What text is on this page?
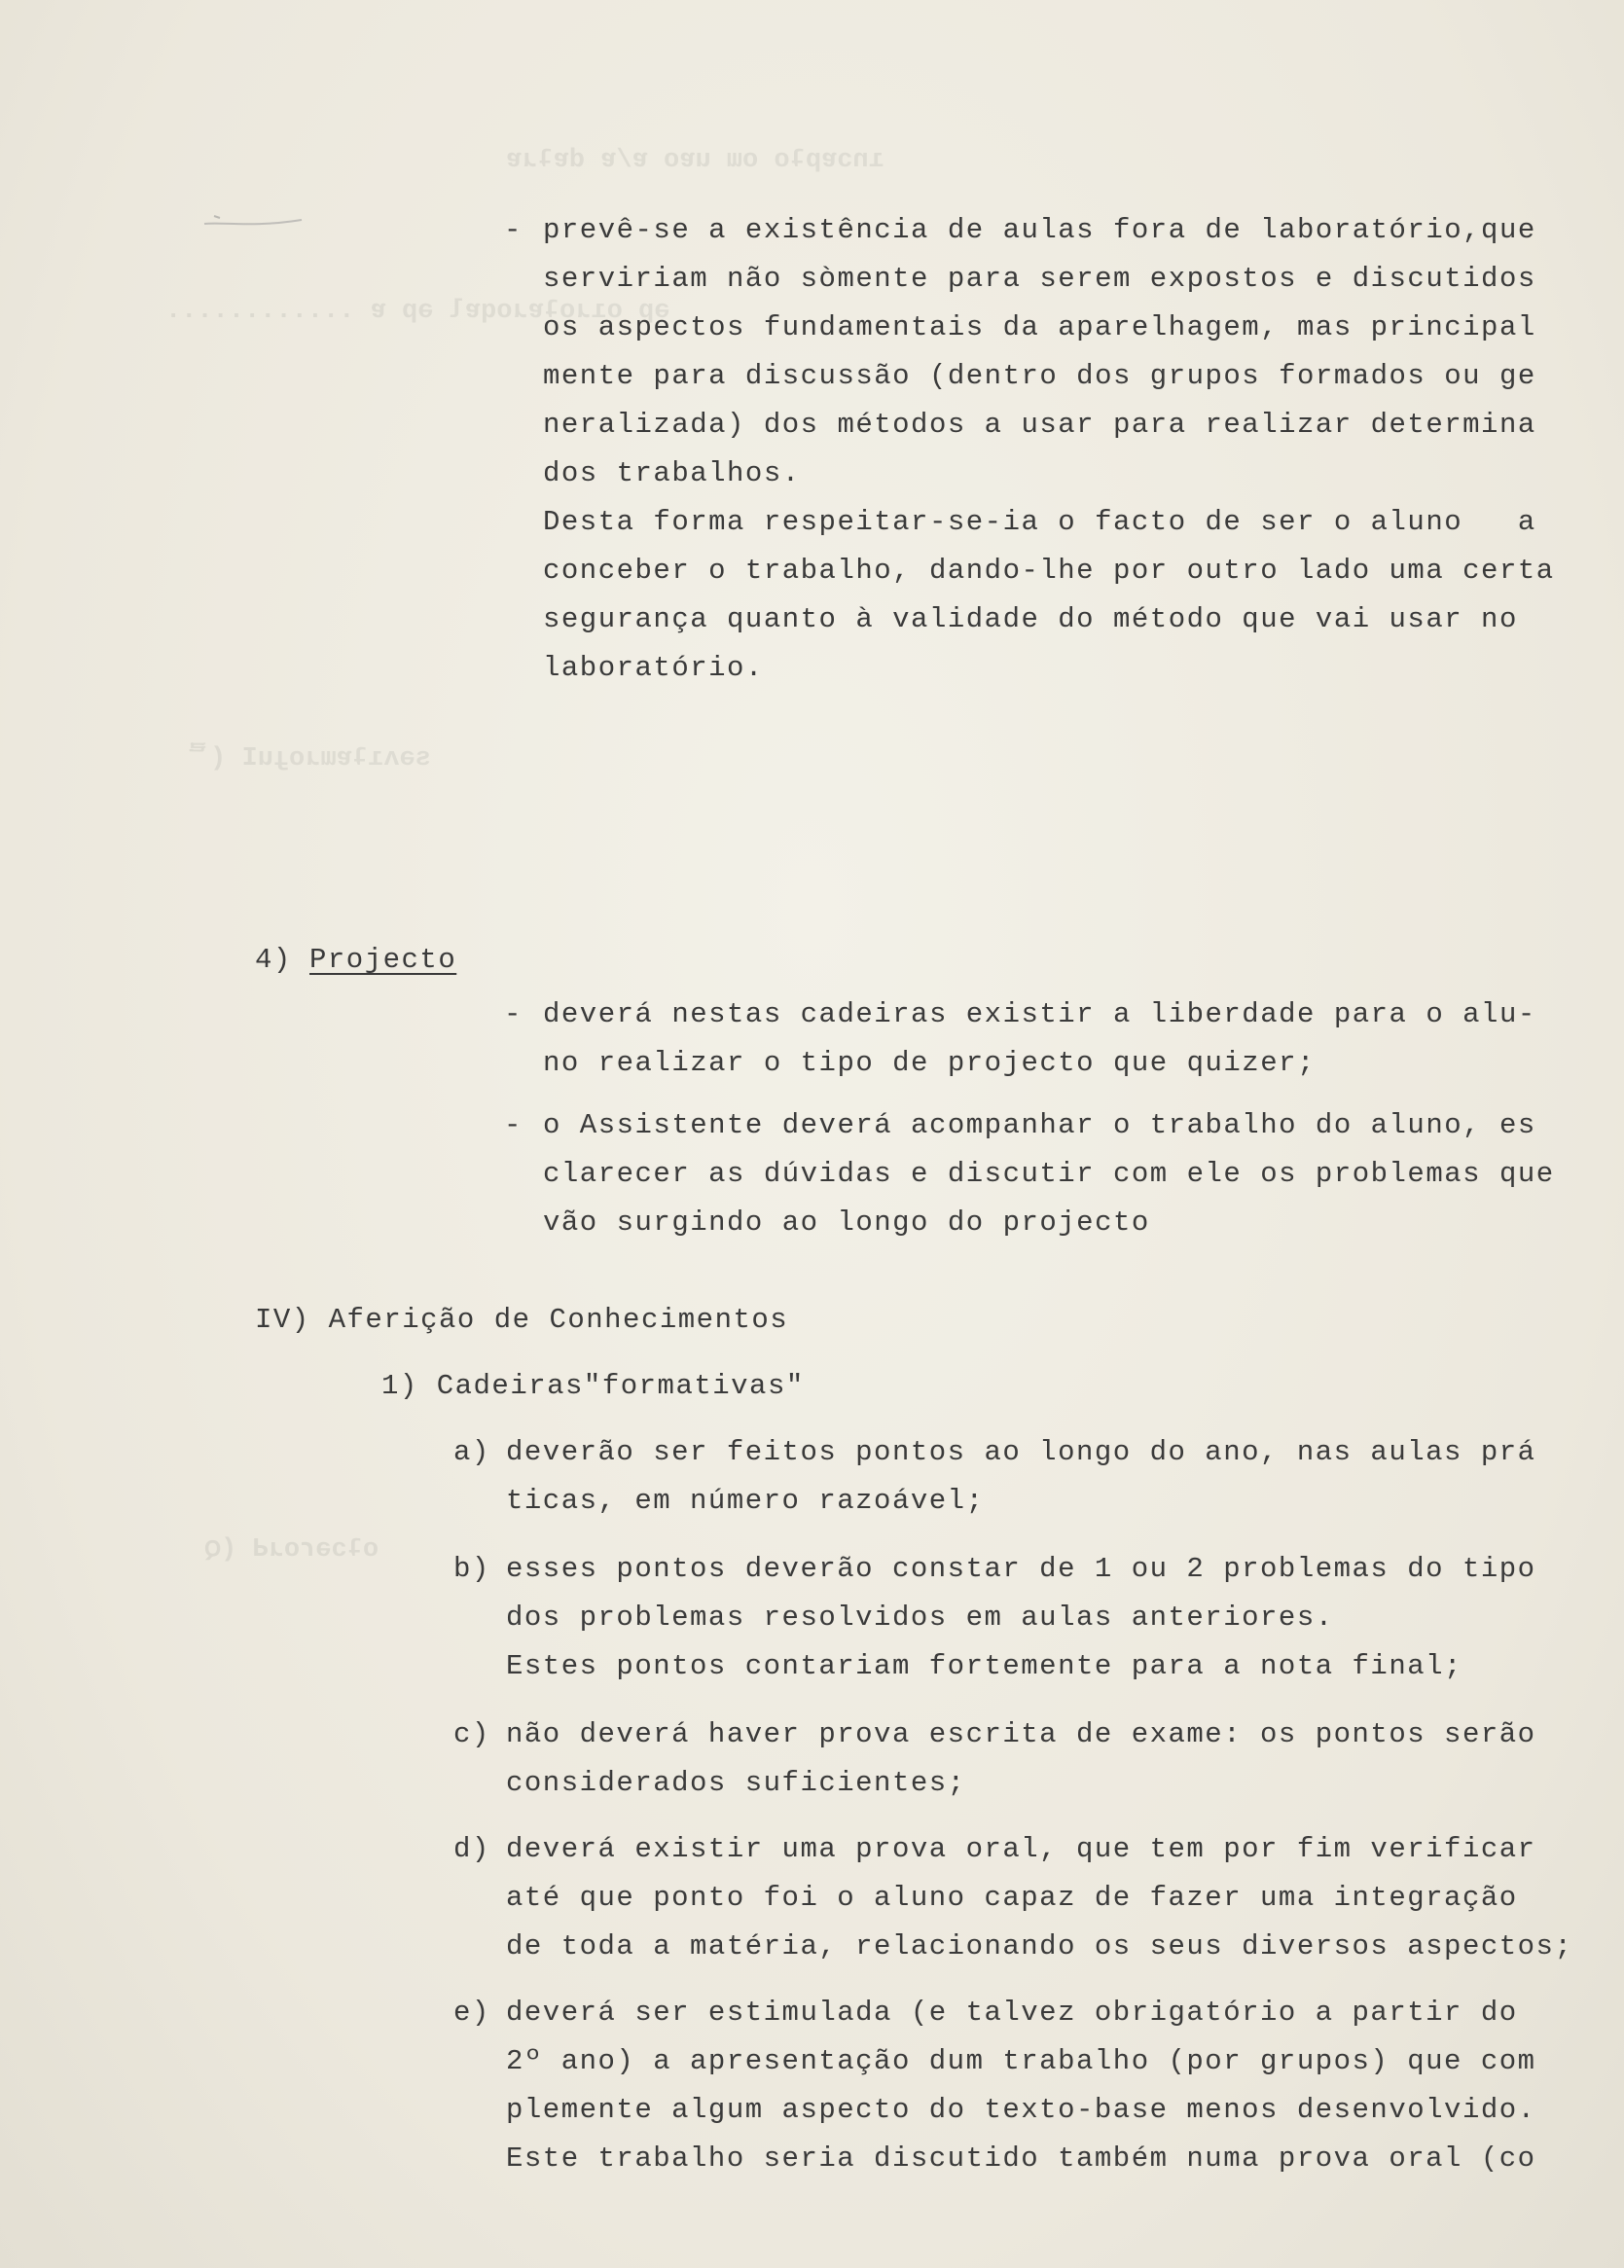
ınɔɐpʇo oɯ uɐo ɐ/ɐ dɐʇɹɐ
ǝp oıɹoʇɐɹoqɐl ǝp ɐ ............
sǝʌıʇɐɯɹoɟuI (ᄅ
oʇɔǝɾoɹԀ (ꞯ
- prevê-se a existência de aulas fora de laboratório,que
serviriam não sòmente para serem expostos e discutidos
os aspectos fundamentais da aparelhagem, mas principal
mente para discussão (dentro dos grupos formados ou ge
neralizada) dos métodos a usar para realizar determina
dos trabalhos.
Desta forma respeitar-se-ia o facto de ser o aluno   a
conceber o trabalho, dando-lhe por outro lado uma certa
segurança quanto à validade do método que vai usar no
laboratório.
4) Projecto
- deverá nestas cadeiras existir a liberdade para o alu-
no realizar o tipo de projecto que quizer;
- o Assistente deverá acompanhar o trabalho do aluno, es
clarecer as dúvidas e discutir com ele os problemas que
vão surgindo ao longo do projecto
IV) Aferição de Conhecimentos
1) Cadeiras"formativas"
a) deverão ser feitos pontos ao longo do ano, nas aulas prá
ticas, em número razoável;
b) esses pontos deverão constar de 1 ou 2 problemas do tipo
dos problemas resolvidos em aulas anteriores.
Estes pontos contariam fortemente para a nota final;
c) não deverá haver prova escrita de exame: os pontos serão
considerados suficientes;
d) deverá existir uma prova oral, que tem por fim verificar
até que ponto foi o aluno capaz de fazer uma integração
de toda a matéria, relacionando os seus diversos aspectos;
e) deverá ser estimulada (e talvez obrigatório a partir do
2º ano) a apresentação dum trabalho (por grupos) que com
plemente algum aspecto do texto-base menos desenvolvido.
Este trabalho seria discutido também numa prova oral (co
